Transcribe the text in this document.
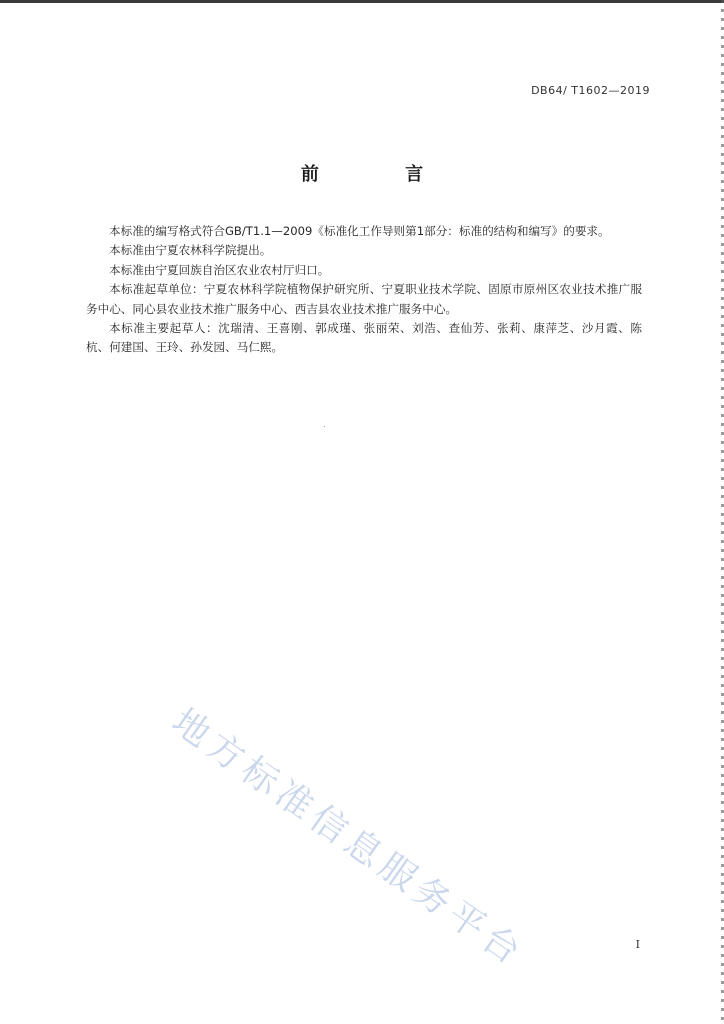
DB64/ T1602—2019
前 言

本标准的编写格式符合GB/T1.1—2009《标准化工作导则第1部分：标准的结构和编写》的要求。

本标准由宁夏农林科学院提出。

本标准由宁夏回族自治区农业农村厅归口。

本标准起草单位：宁夏农林科学院植物保护研究所、宁夏职业技术学院、固原市原州区农业技术推广服务中心、同心县农业技术推广服务中心、西吉县农业技术推广服务中心。

本标准主要起草人：沈瑞清、王喜刚、郭成瑾、张丽荣、刘浩、查仙芳、张莉、康萍芝、沙月霞、陈杭、何建国、王玲、孙发园、马仁熙。

地方标准信息服务平台	I
